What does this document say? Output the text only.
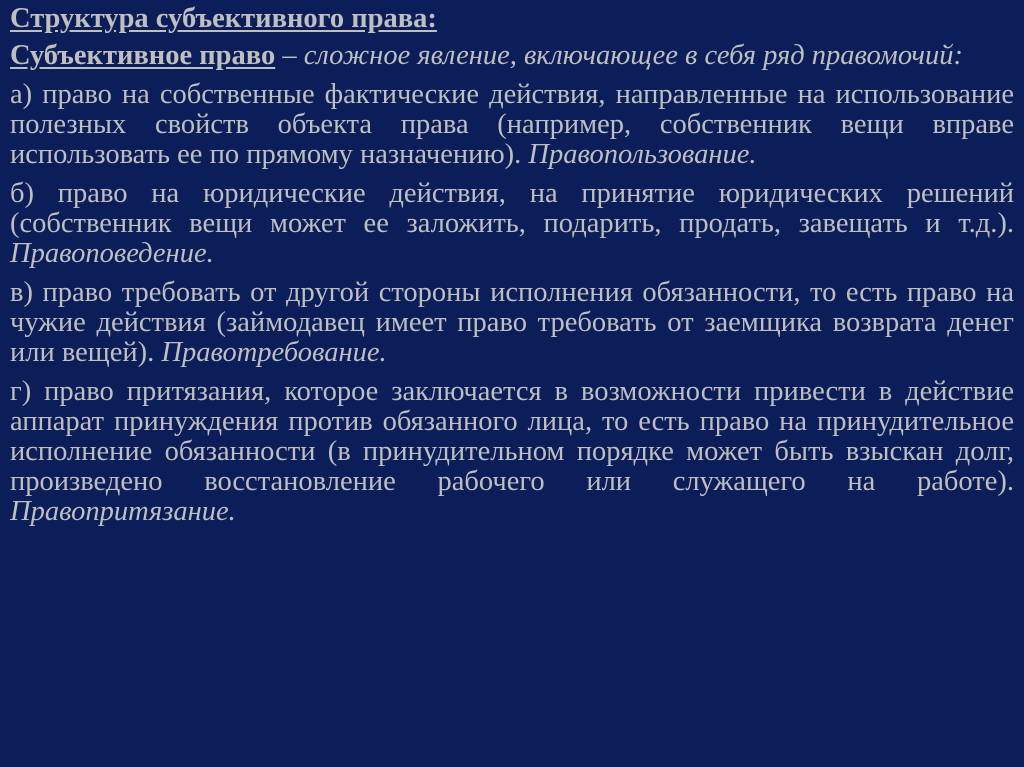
Структура субъективного права:

Субъективное право – сложное явление, включающее в себя ряд правомочий:

а) право на собственные фактические действия, направленные на использование полезных свойств объекта права (например, собственник вещи вправе использовать ее по прямому назначению). Правопользование.

б) право на юридические действия, на принятие юридических решений (собственник вещи может ее заложить, подарить, продать, завещать и т.д.). Правоповедение.

в) право требовать от другой стороны исполнения обязанности, то есть право на чужие действия (займодавец имеет право требовать от заемщика возврата денег или вещей). Правотребование.

г) право притязания, которое заключается в возможности привести в действие аппарат принуждения против обязанного лица, то есть право на принудительное исполнение обязанности (в принудительном порядке может быть взыскан долг, произведено восстановление рабочего или служащего на работе). Правопритязание.
